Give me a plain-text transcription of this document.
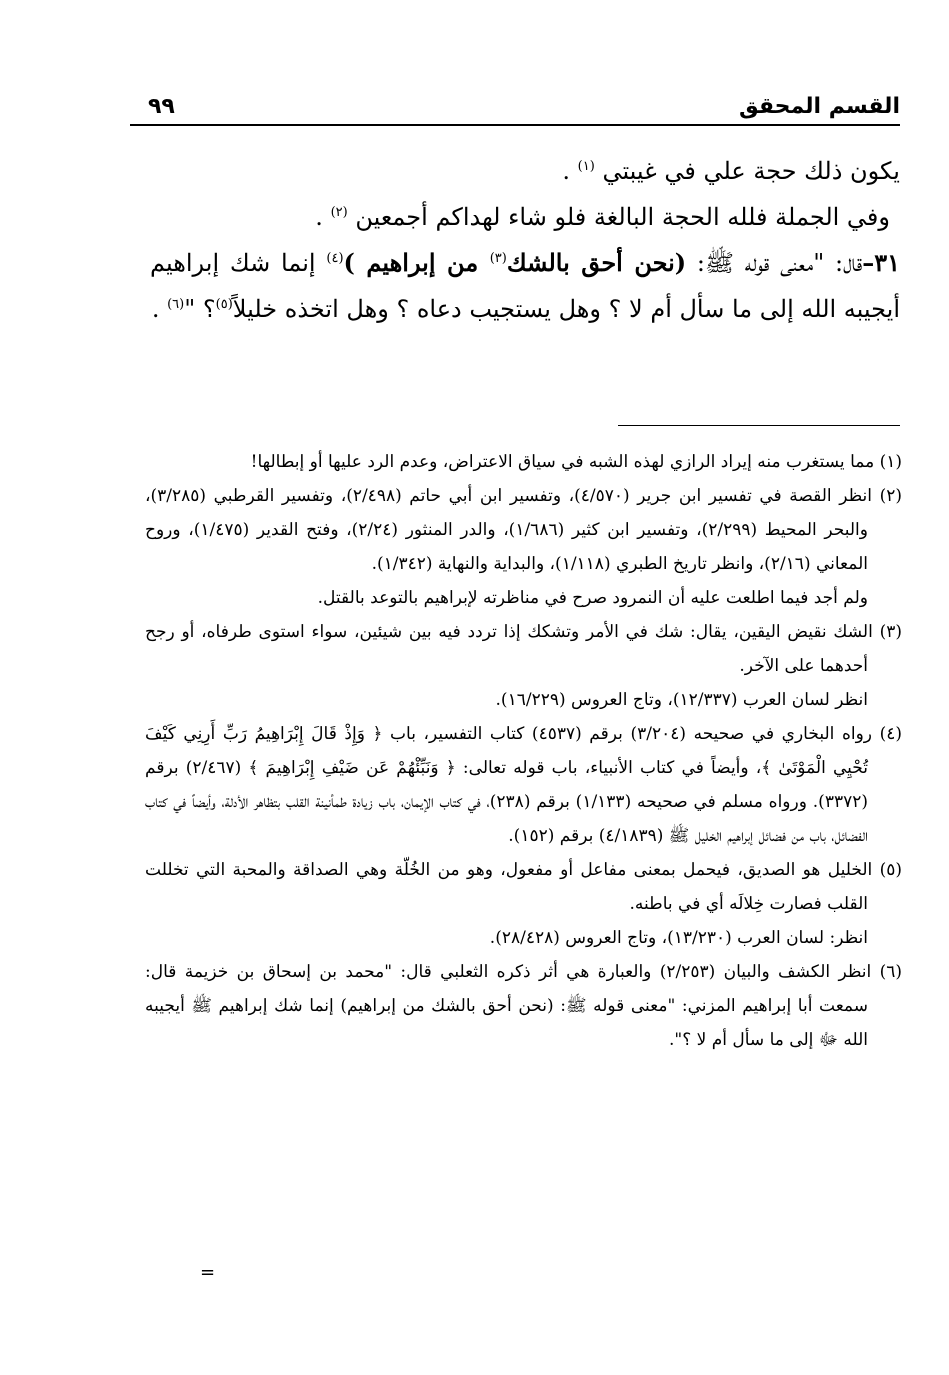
القسم المحقق
٩٩

يكون ذلك حجة علي في غيبتي $^{(١)}$ .

وفي الجملة فلله الحجة البالغة فلو شاء لهداكم أجمعين $^{(٢)}$ .

٣١–قال: "معنى قوله ﷺ: (نحن أحق بالشك$^{(٣)}$ من إبراهيم )$^{(٤)}$ إنما شك إبراهيم أيجيبه الله إلى ما سأل أم لا ؟ وهل يستجيب دعاه ؟ وهل اتخذه خليلاً$^{(٥)}$؟ "$^{(٦)}$ .

(١) مما يستغرب منه إيراد الرازي لهذه الشبه في سياق الاعتراض، وعدم الرد عليها أو إبطالها!

(٢) انظر القصة في تفسير ابن جرير (٤/٥٧٠)، وتفسير ابن أبي حاتم (٢/٤٩٨)، وتفسير القرطبي (٣/٢٨٥)، والبحر المحيط (٢/٢٩٩)، وتفسير ابن كثير (١/٦٨٦)، والدر المنثور (٢/٢٤)، وفتح القدير (١/٤٧٥)، وروح المعاني (٢/١٦)، وانظر تاريخ الطبري (١/١١٨)، والبداية والنهاية (١/٣٤٢).

ولم أجد فيما اطلعت عليه أن النمرود صرح في مناظرته لإبراهيم بالتوعد بالقتل.

(٣) الشك نقيض اليقين، يقال: شك في الأمر وتشكك إذا تردد فيه بين شيئين، سواء استوى طرفاه، أو رجح أحدهما على الآخر.

انظر لسان العرب (١٢/٣٣٧)، وتاج العروس (١٦/٢٢٩).

(٤) رواه البخاري في صحيحه (٣/٢٠٤) برقم (٤٥٣٧) كتاب التفسير، باب ﴿ وَإِذْ قَالَ إِبْرَاهِيمُ رَبِّ أَرِنِي كَيْفَ تُحْيِي الْمَوْتَىٰ ﴾، وأيضاً في كتاب الأنبياء، باب قوله تعالى: ﴿ وَنَبِّئْهُمْ عَن ضَيْفِ إِبْرَاهِيمَ ﴾ (٢/٤٦٧) برقم (٣٣٧٢). ورواه مسلم في صحيحه (١/١٣٣) برقم (٢٣٨)، في كتاب الإيمان، باب زيادة طمأنينة القلب بتظاهر الأدلة، وأيضاً في كتاب الفضائل، باب من فضائل إبراهيم الخليل ﷺ (٤/١٨٣٩) برقم (١٥٢).

(٥) الخليل هو الصديق، فيحمل بمعنى مفاعل أو مفعول، وهو من الخُلّة وهي الصداقة والمحبة التي تخللت القلب فصارت خِلالَه أي في باطنه.

انظر: لسان العرب (١٣/٢٣٠)، وتاج العروس (٢٨/٤٢٨).

(٦) انظر الكشف والبيان (٢/٢٥٣) والعبارة هي أثر ذكره الثعلبي قال: "محمد بن إسحاق بن خزيمة قال: سمعت أبا إبراهيم المزني: "معنى قوله ﷺ: (نحن أحق بالشك من إبراهيم) إنما شك إبراهيم ﷺ أيجيبه الله ﷻ إلى ما سأل أم لا ؟".

=
